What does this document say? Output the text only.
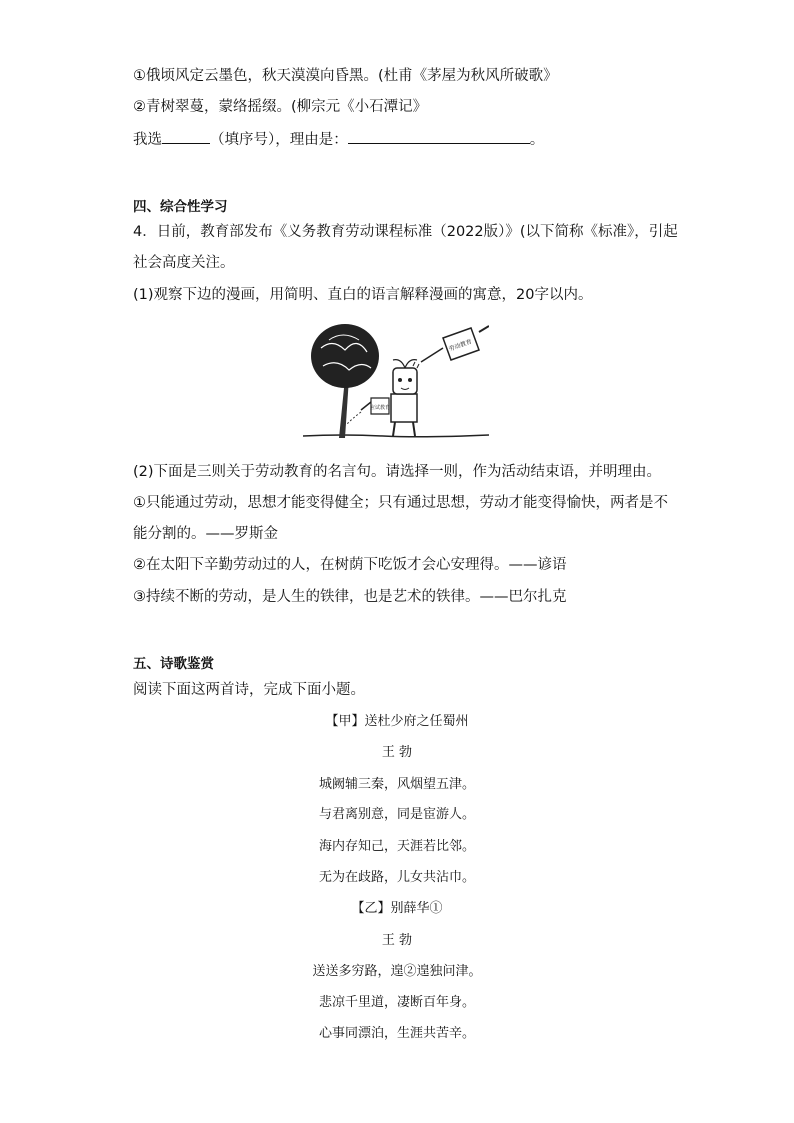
①俄顷风定云墨色，秋天漠漠向昏黑。(杜甫《茅屋为秋风所破歌》
②青树翠蔓，蒙络摇缀。(柳宗元《小石潭记》
我选	（填序号），理由是：	。
四、综合性学习
4．日前，教育部发布《义务教育劳动课程标准（2022版）》(以下简称《标准》，引起
社会高度关注。
(1)观察下边的漫画，用简明、直白的语言解释漫画的寓意，20字以内。
应试教育
劳动教育
(2)下面是三则关于劳动教育的名言句。请选择一则，作为活动结束语，并明理由。
①只能通过劳动，思想才能变得健全；只有通过思想，劳动才能变得愉快，两者是不
能分割的。——罗斯金
②在太阳下辛勤劳动过的人，在树荫下吃饭才会心安理得。——谚语
③持续不断的劳动，是人生的铁律，也是艺术的铁律。——巴尔扎克
五、诗歌鉴赏
阅读下面这两首诗，完成下面小题。
【甲】送杜少府之任蜀州
王 勃
城阙辅三秦，风烟望五津。
与君离别意，同是宦游人。
海内存知己，天涯若比邻。
无为在歧路，儿女共沾巾。
【乙】别薛华①
王 勃
送送多穷路，遑②遑独问津。
悲凉千里道，凄断百年身。
心事同漂泊，生涯共苦辛。
